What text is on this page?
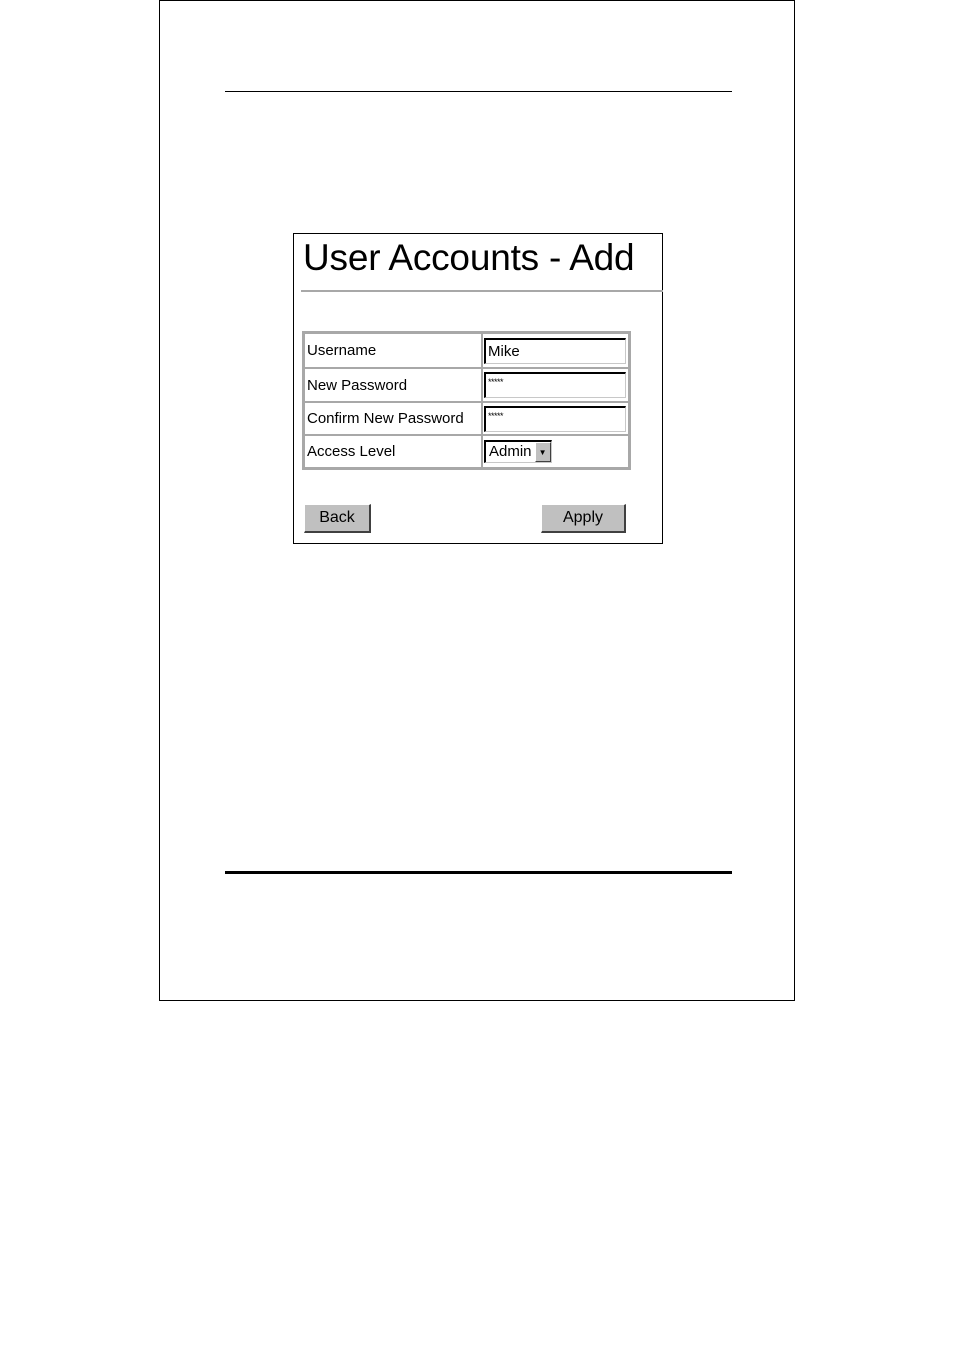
User Accounts - Add
Username	Mike

New Password	*****

Confirm New Password	*****

Access Level	Admin ▼
Back	Apply
